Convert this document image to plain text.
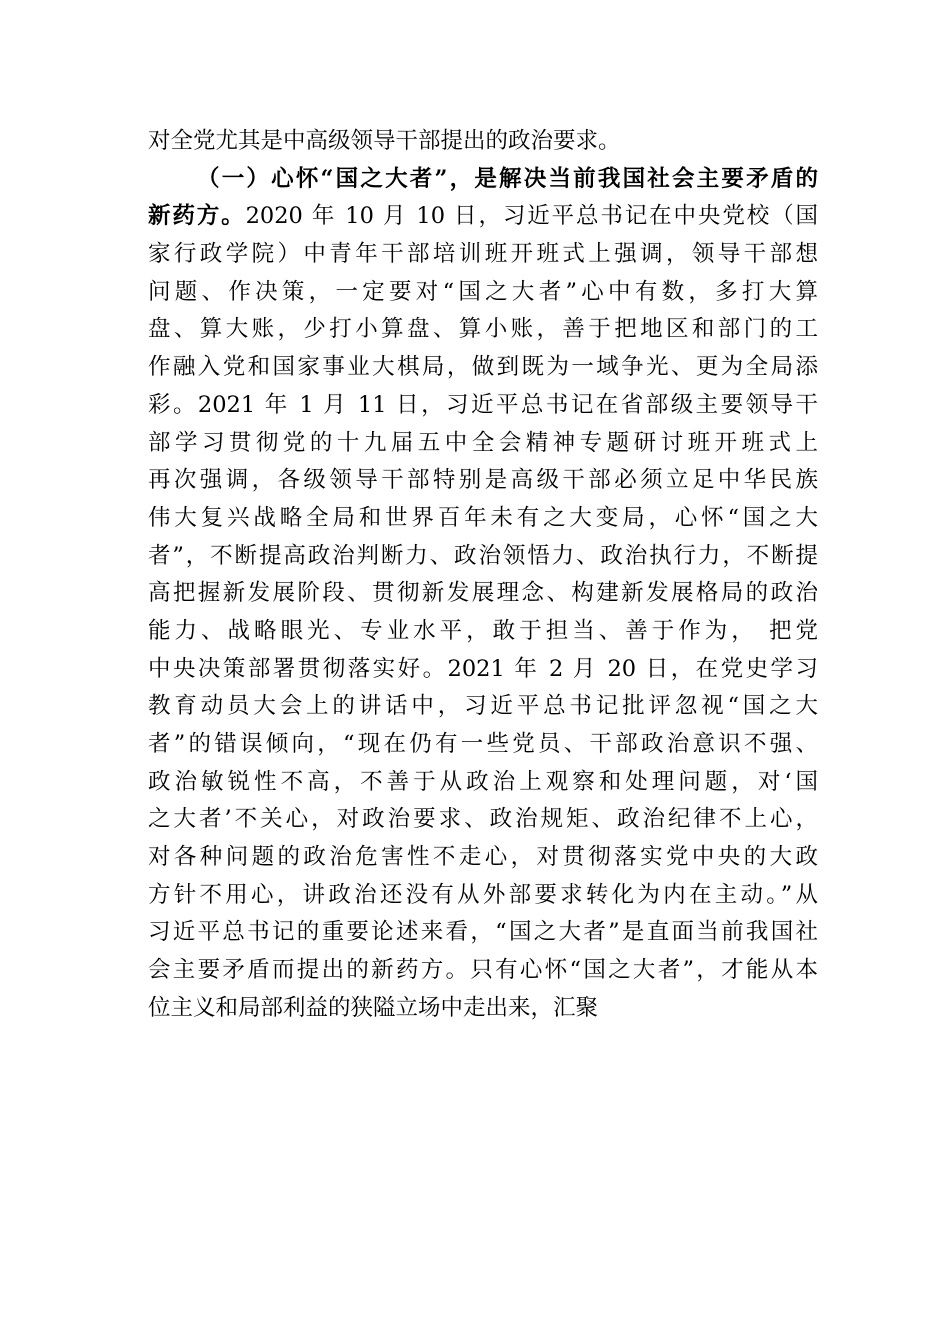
对全党尤其是中高级领导干部提出的政治要求。
（一）心怀“国之大者”，是解决当前我国社会主要矛盾的
新药方。2020 年 10 月 10 日，习近平总书记在中央党校（国
家行政学院）中青年干部培训班开班式上强调，领导干部想
问题、作决策，一定要对“国之大者”心中有数，多打大算
盘、算大账，少打小算盘、算小账，善于把地区和部门的工
作融入党和国家事业大棋局，做到既为一域争光、更为全局添
彩。2021 年 1 月 11 日，习近平总书记在省部级主要领导干
部学习贯彻党的十九届五中全会精神专题研讨班开班式上
再次强调，各级领导干部特别是高级干部必须立足中华民族
伟大复兴战略全局和世界百年未有之大变局，心怀“国之大
者”，不断提高政治判断力、政治领悟力、政治执行力，不断提
高把握新发展阶段、贯彻新发展理念、构建新发展格局的政治
能力、战略眼光、专业水平，敢于担当、善于作为， 把党
中央决策部署贯彻落实好。2021 年 2 月 20 日，在党史学习
教育动员大会上的讲话中，习近平总书记批评忽视“国之大
者”的错误倾向，“现在仍有一些党员、干部政治意识不强、
政治敏锐性不高，不善于从政治上观察和处理问题，对‘国
之大者’不关心，对政治要求、政治规矩、政治纪律不上心，
对各种问题的政治危害性不走心，对贯彻落实党中央的大政
方针不用心，讲政治还没有从外部要求转化为内在主动。”从
习近平总书记的重要论述来看，“国之大者”是直面当前我国社
会主要矛盾而提出的新药方。只有心怀“国之大者”，才能从本
位主义和局部利益的狭隘立场中走出来，汇聚
